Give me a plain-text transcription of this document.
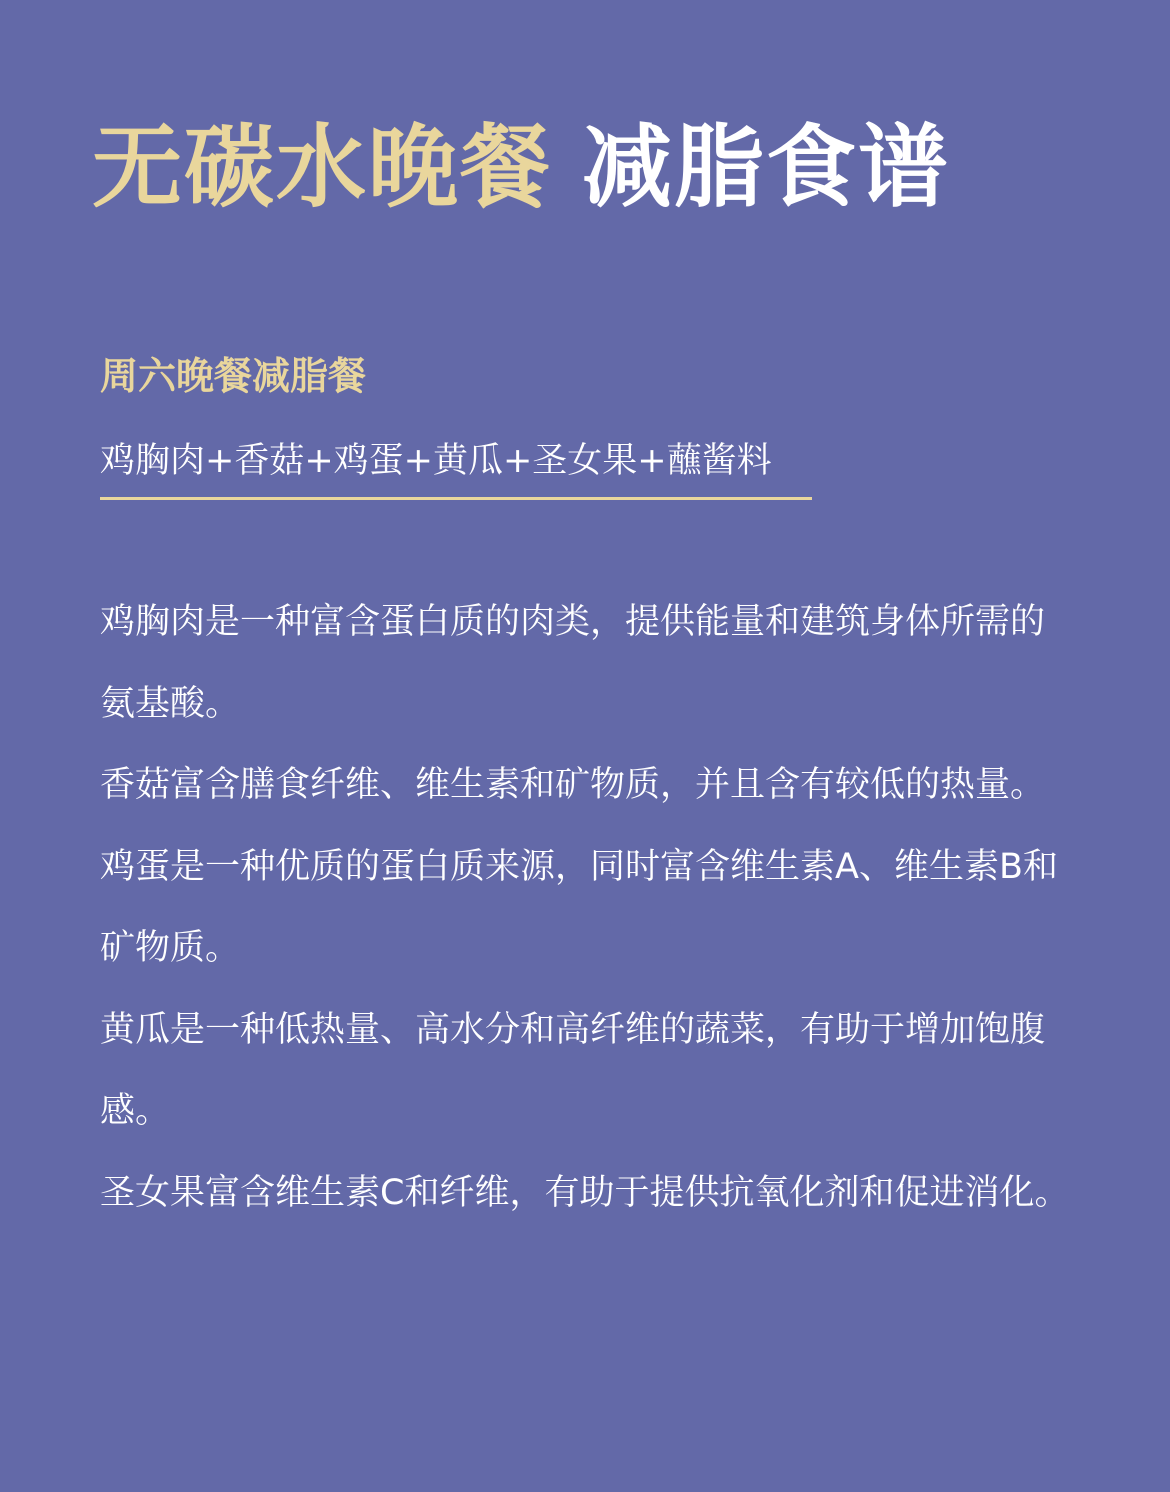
无碳水晚餐 减脂食谱
周六晚餐减脂餐

鸡胸肉+香菇+鸡蛋+黄瓜+圣女果+蘸酱料

鸡胸肉是一种富含蛋白质的肉类，提供能量和建筑身体所需的氨基酸。
香菇富含膳食纤维、维生素和矿物质，并且含有较低的热量。
鸡蛋是一种优质的蛋白质来源，同时富含维生素A、维生素B和矿物质。
黄瓜是一种低热量、高水分和高纤维的蔬菜，有助于增加饱腹感。
圣女果富含维生素C和纤维，有助于提供抗氧化剂和促进消化。
